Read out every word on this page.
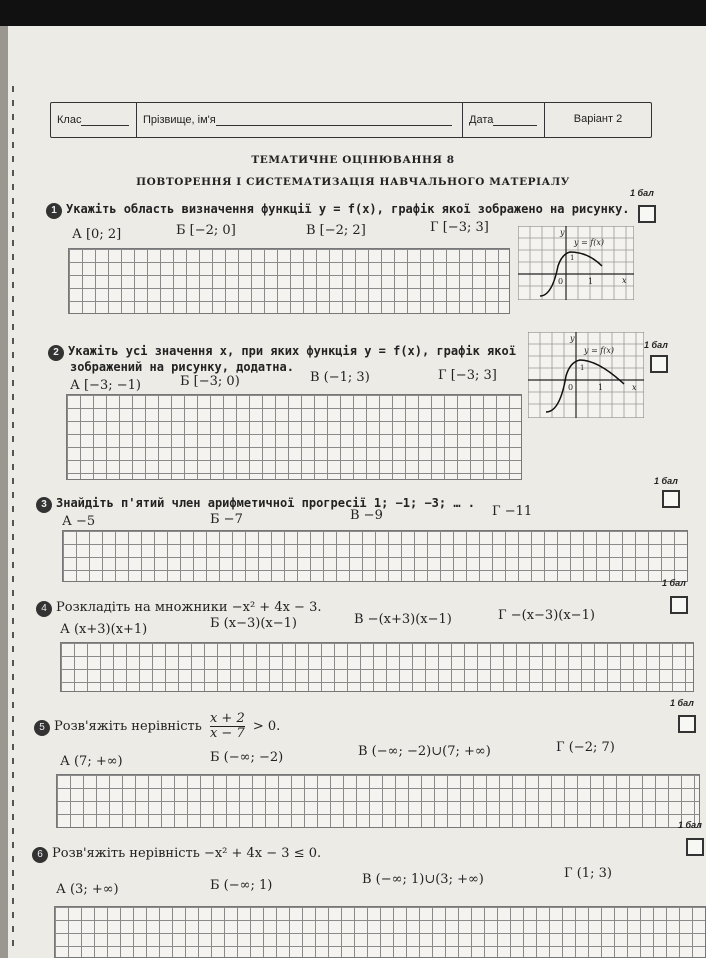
Клас	Прізвище, ім'я	Дата	Варіант 2
ТЕМАТИЧНЕ ОЦІНЮВАННЯ 8
ПОВТОРЕННЯ І СИСТЕМАТИЗАЦІЯ НАВЧАЛЬНОГО МАТЕРІАЛУ
1 бал
1 Укажіть область визначення функції y = f(x), графік якої зображено на рисунку.
А [0; 2]	Б [−2; 0]	В [−2; 2]	Г [−3; 3]	y
y = f(x)
1
0	1	x
2 Укажіть усі значення x, при яких функція y = f(x), графік якої
зображений на рисунку, додатна.
1 бал
А [−3; −1)	Б [−3; 0)	В (−1; 3)	Г [−3; 3]
y
y = f(x)
1
0	1	x
1 бал
3 Знайдіть п'ятий член арифметичної прогресії 1; −1; −3; … .
А −5	Б −7	В −9	Г −11
1 бал
4 Розкладіть на множники −x² + 4x − 3.
А (x+3)(x+1)	Б (x−3)(x−1)	В −(x+3)(x−1)	Г −(x−3)(x−1)
1 бал
5 Розв'яжіть нерівність $\frac{x + 2}{x - 7} > 0$.
А (7; +∞)	Б (−∞; −2)	В (−∞; −2)∪(7; +∞)	Г (−2; 7)
1 бал
6 Розв'яжіть нерівність −x² + 4x − 3 ≤ 0.
А (3; +∞)	Б (−∞; 1)	В (−∞; 1)∪(3; +∞)	Г (1; 3)
